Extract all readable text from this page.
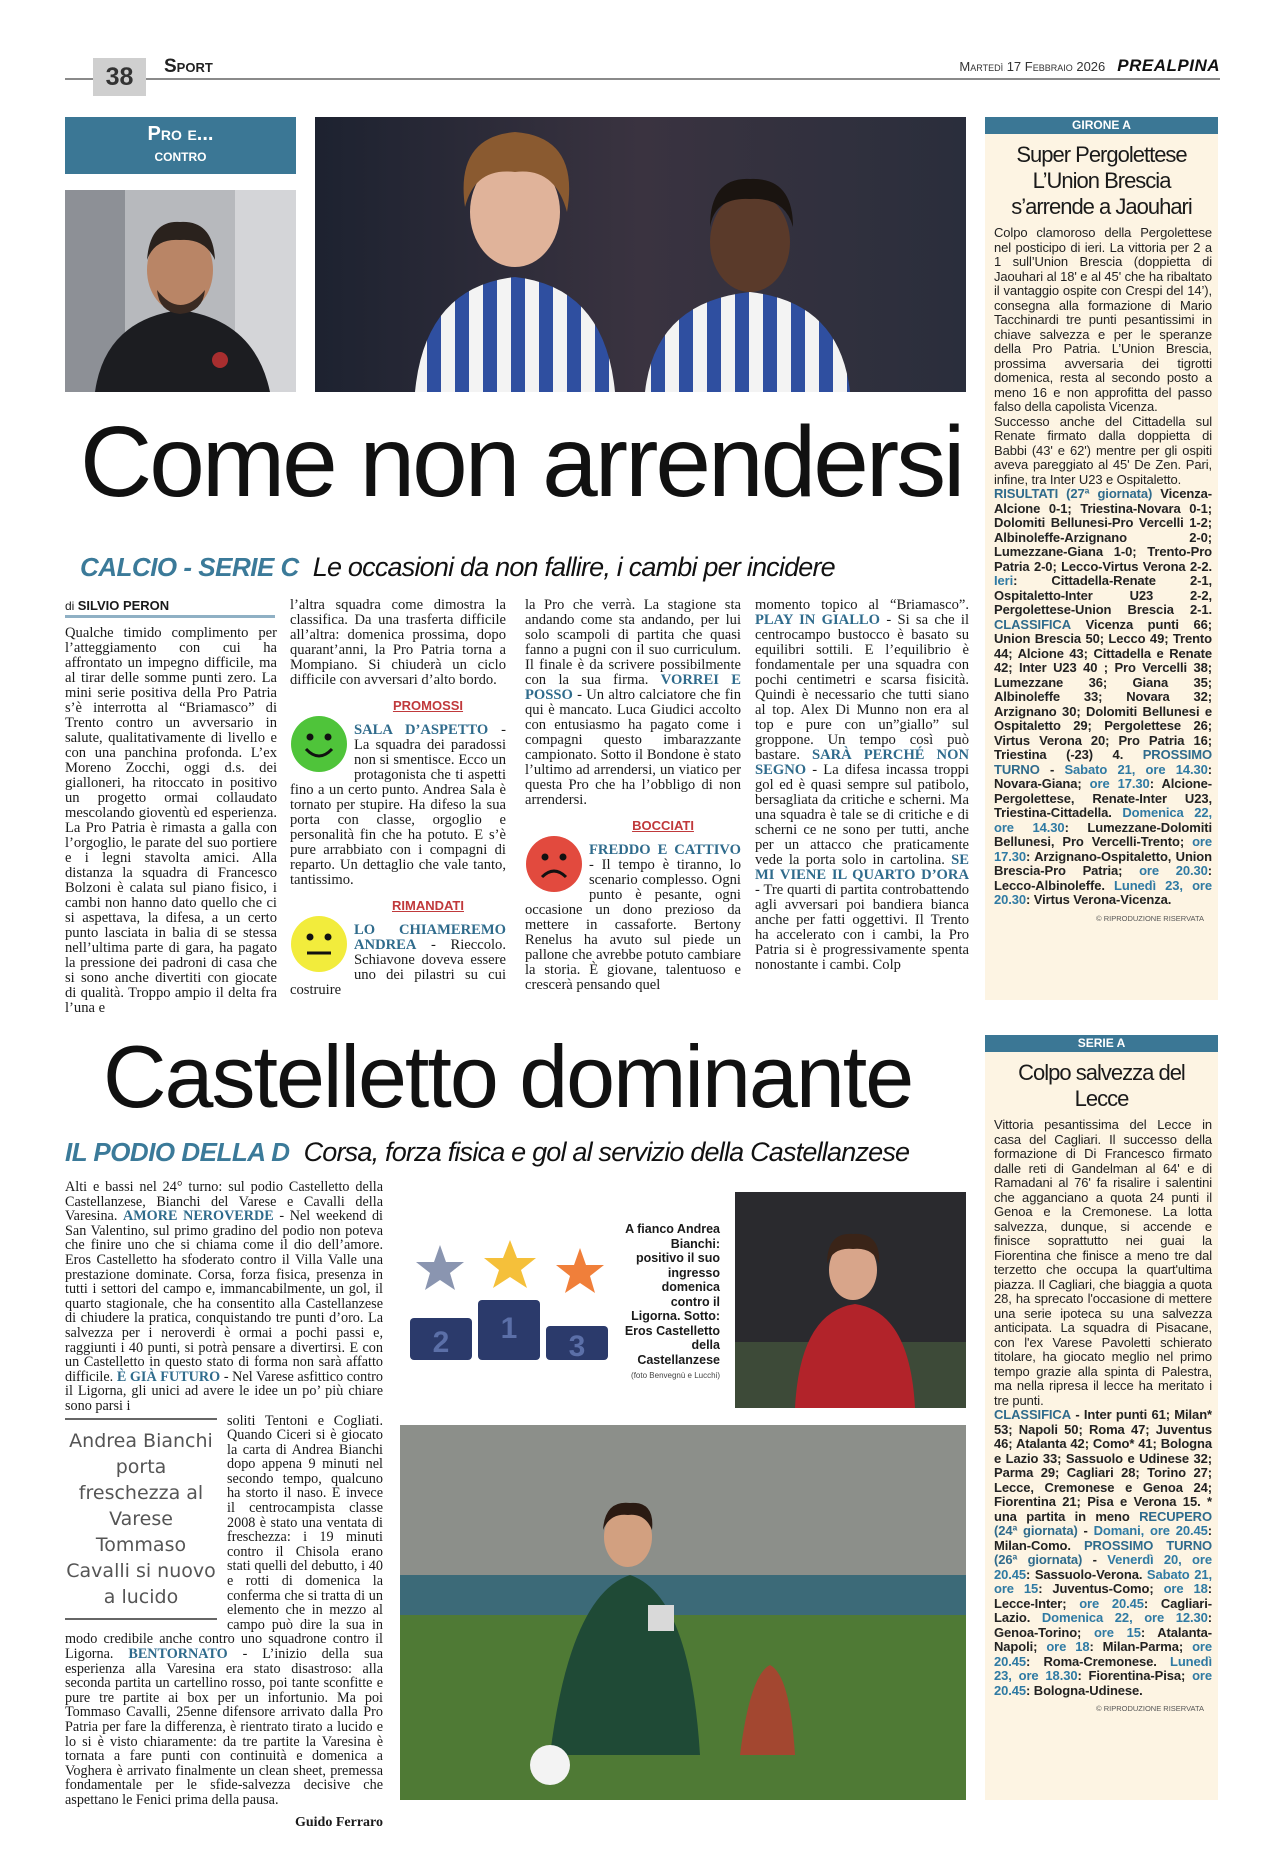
38	Sport	Martedì 17 Febbraio 2026 PREALPINA
Pro e...
contro
Come non arrendersi
CALCIO - SERIE C Le occasioni da non fallire, i cambi per incidere
di SILVIO PERON

Qualche timido complimento per l’atteggiamento con cui ha affrontato un impegno difficile, ma al tirar delle somme punti zero. La mini serie positiva della Pro Patria s’è interrotta al “Briamasco” di Trento contro un avversario in salute, qualitativamente di livello e con una panchina profonda. L’ex Moreno Zocchi, oggi d.s. dei gialloneri, ha ritoccato in positivo un progetto ormai collaudato mescolando gioventù ed esperienza. La Pro Patria è rimasta a galla con l’orgoglio, le parate del suo portiere e i legni stavolta amici. Alla distanza la squadra di Francesco Bolzoni è calata sul piano fisico, i cambi non hanno dato quello che ci si aspettava, la difesa, a un certo punto lasciata in balia di se stessa nell’ultima parte di gara, ha pagato la pressione dei padroni di casa che si sono anche divertiti con giocate di qualità. Troppo ampio il delta fra l’una e

l’altra squadra come dimostra la classifica. Da una trasferta difficile all’altra: domenica prossima, dopo quarant’anni, la Pro Patria torna a Mompiano. Si chiuderà un ciclo difficile con avversari d’alto bordo.

PROMOSSI

SALA D’ASPETTO - La squadra dei paradossi non si smentisce. Ecco un protagonista che ti aspetti fino a un certo punto. Andrea Sala è tornato per stupire. Ha difeso la sua porta con classe, orgoglio e personalità fin che ha potuto. E s’è pure arrabbiato con i compagni di reparto. Un dettaglio che vale tanto, tantissimo.

RIMANDATI

LO CHIAMEREMO ANDREA - Rieccolo. Schiavone doveva essere uno dei pilastri su cui costruire

la Pro che verrà. La stagione sta andando come sta andando, per lui solo scampoli di partita che quasi fanno a pugni con il suo curriculum. Il finale è da scrivere possibilmente con la sua firma. VORREI E POSSO - Un altro calciatore che fin qui è mancato. Luca Giudici accolto con entusiasmo ha pagato come i compagni questo imbarazzante campionato. Sotto il Bondone è stato l’ultimo ad arrendersi, un viatico per questa Pro che ha l’obbligo di non arrendersi.

BOCCIATI

FREDDO E CATTIVO - Il tempo è tiranno, lo scenario complesso. Ogni punto è pesante, ogni occasione un dono prezioso da mettere in cassaforte. Bertony Renelus ha avuto sul piede un pallone che avrebbe potuto cambiare la storia. È giovane, talentuoso e crescerà pensando quel

momento topico al “Briamasco”. PLAY IN GIALLO - Si sa che il centrocampo bustocco è basato su equilibri sottili. E l’equilibrio è fondamentale per una squadra con pochi centimetri e scarsa fisicità. Quindi è necessario che tutti siano al top. Alex Di Munno non era al top e pure con un”giallo” sul groppone. Un tempo così può bastare. SARÀ PERCHÉ NON SEGNO - La difesa incassa troppi gol ed è quasi sempre sul patibolo, bersagliata da critiche e scherni. Ma una squadra è tale se di critiche e di scherni ce ne sono per tutti, anche per un attacco che praticamente vede la porta solo in cartolina. SE MI VIENE IL QUARTO D’ORA - Tre quarti di partita controbattendo agli avversari poi bandiera bianca anche per fatti oggettivi. Il Trento ha accelerato con i cambi, la Pro Patria si è progressivamente spenta nonostante i cambi. Colp

GIRONE A
Super Pergolettese L’Union Brescia s’arrende a Jaouhari

Colpo clamoroso della Pergolettese nel posticipo di ieri. La vittoria per 2 a 1 sull’Union Brescia (doppietta di Jaouhari al 18' e al 45' che ha ribaltato il vantaggio ospite con Crespi del 14’), consegna alla formazione di Mario Tacchinardi tre punti pesantissimi in chiave salvezza e per le speranze della Pro Patria. L’Union Brescia, prossima avversaria dei tigrotti domenica, resta al secondo posto a meno 16 e non approfitta del passo falso della capolista Vicenza.

Successo anche del Cittadella sul Renate firmato dalla doppietta di Babbi (43' e 62') mentre per gli ospiti aveva pareggiato al 45' De Zen. Pari, infine, tra Inter U23 e Ospitaletto.

RISULTATI (27ª giornata) Vicenza-Alcione 0-1; Triestina-Novara 0-1; Dolomiti Bellunesi-Pro Vercelli 1-2; Albinoleffe-Arzignano 2-0; Lumezzane-Giana 1-0; Trento-Pro Patria 2-0; Lecco-Virtus Verona 2-2. Ieri: Cittadella-Renate 2-1, Ospitaletto-Inter U23 2-2, Pergolettese-Union Brescia 2-1. CLASSIFICA Vicenza punti 66; Union Brescia 50; Lecco 49; Trento 44; Alcione 43; Cittadella e Renate 42; Inter U23 40 ; Pro Vercelli 38; Lumezzane 36; Giana 35; Albinoleffe 33; Novara 32; Arzignano 30; Dolomiti Bellunesi e Ospitaletto 29; Pergolettese 26; Virtus Verona 20; Pro Patria 16; Triestina (-23) 4. PROSSIMO TURNO - Sabato 21, ore 14.30: Novara-Giana; ore 17.30: Alcione-Pergolettese, Renate-Inter U23, Triestina-Cittadella. Domenica 22, ore 14.30: Lumezzane-Dolomiti Bellunesi, Pro Vercelli-Trento; ore 17.30: Arzignano-Ospitaletto, Union Brescia-Pro Patria; ore 20.30: Lecco-Albinoleffe. Lunedì 23, ore 20.30: Virtus Verona-Vicenza.

© RIPRODUZIONE RISERVATA
Castelletto dominante
IL PODIO DELLA D Corsa, forza fisica e gol al servizio della Castellanzese

Alti e bassi nel 24° turno: sul podio Castelletto della Castellanzese, Bianchi del Varese e Cavalli della Varesina. AMORE NEROVERDE - Nel weekend di San Valentino, sul primo gradino del podio non poteva che finire uno che si chiama come il dio dell’amore. Eros Castelletto ha sfoderato contro il Villa Valle una prestazione dominate. Corsa, forza fisica, presenza in tutti i settori del campo e, immancabilmente, un gol, il quarto stagionale, che ha consentito alla Castellanzese di chiudere la pratica, conquistando tre punti d’oro. La salvezza per i neroverdi è ormai a pochi passi e, raggiunti i 40 punti, si potrà pensare a divertirsi. E con un Castelletto in questo stato di forma non sarà affatto difficile. È GIÀ FUTURO - Nel Varese asfittico contro il Ligorna, gli unici ad avere le idee un po’ più chiare sono parsi i

Andrea Bianchi porta freschezza al Varese Tommaso Cavalli si nuovo a lucido

soliti Tentoni e Cogliati. Quando Ciceri si è giocato la carta di Andrea Bianchi dopo appena 9 minuti nel secondo tempo, qualcuno ha storto il naso. E invece il centrocampista classe 2008 è stato una ventata di freschezza: i 19 minuti contro il Chisola erano stati quelli del debutto, i 40 e rotti di domenica la conferma che si tratta di un elemento che in mezzo al campo può dire la sua in modo credibile anche contro uno squadrone contro il Ligorna. BENTORNATO - L’inizio della sua esperienza alla Varesina era stato disastroso: alla seconda partita un cartellino rosso, poi tante sconfitte e pure tre partite ai box per un infortunio. Ma poi Tommaso Cavalli, 25enne difensore arrivato dalla Pro Patria per fare la differenza, è rientrato tirato a lucido e lo si è visto chiaramente: da tre partite la Varesina è tornata a fare punti con continuità e domenica a Voghera è arrivato finalmente un clean sheet, premessa fondamentale per le sfide-salvezza decisive che aspettano le Fenici prima della pausa.

Guido Ferraro
2 1
3
A fianco Andrea Bianchi: positivo il suo ingresso domenica contro il Ligorna. Sotto: Eros Castelletto della Castellanzese
(foto Benvegnù e Lucchi)
SERIE A
Colpo salvezza del Lecce

Vittoria pesantissima del Lecce in casa del Cagliari. Il successo della formazione di Di Francesco firmato dalle reti di Gandelman al 64' e di Ramadani al 76' fa risalire i salentini che agganciano a quota 24 punti il Genoa e la Cremonese. La lotta salvezza, dunque, si accende e finisce soprattutto nei guai la Fiorentina che finisce a meno tre dal terzetto che occupa la quart'ultima piazza. Il Cagliari, che biaggia a quota 28, ha sprecato l'occasione di mettere una serie ipoteca su una salvezza anticipata. La squadra di Pisacane, con l'ex Varese Pavoletti schierato titolare, ha giocato meglio nel primo tempo grazie alla spinta di Palestra, ma nella ripresa il lecce ha meritato i tre punti.

CLASSIFICA - Inter punti 61; Milan* 53; Napoli 50; Roma 47; Juventus 46; Atalanta 42; Como* 41; Bologna e Lazio 33; Sassuolo e Udinese 32; Parma 29; Cagliari 28; Torino 27; Lecce, Cremonese e Genoa 24; Fiorentina 21; Pisa e Verona 15. * una partita in meno RECUPERO (24ª giornata) - Domani, ore 20.45: Milan-Como. PROSSIMO TURNO (26ª giornata) - Venerdì 20, ore 20.45: Sassuolo-Verona. Sabato 21, ore 15: Juventus-Como; ore 18: Lecce-Inter; ore 20.45: Cagliari-Lazio. Domenica 22, ore 12.30: Genoa-Torino; ore 15: Atalanta-Napoli; ore 18: Milan-Parma; ore 20.45: Roma-Cremonese. Lunedì 23, ore 18.30: Fiorentina-Pisa; ore 20.45: Bologna-Udinese.

© RIPRODUZIONE RISERVATA
